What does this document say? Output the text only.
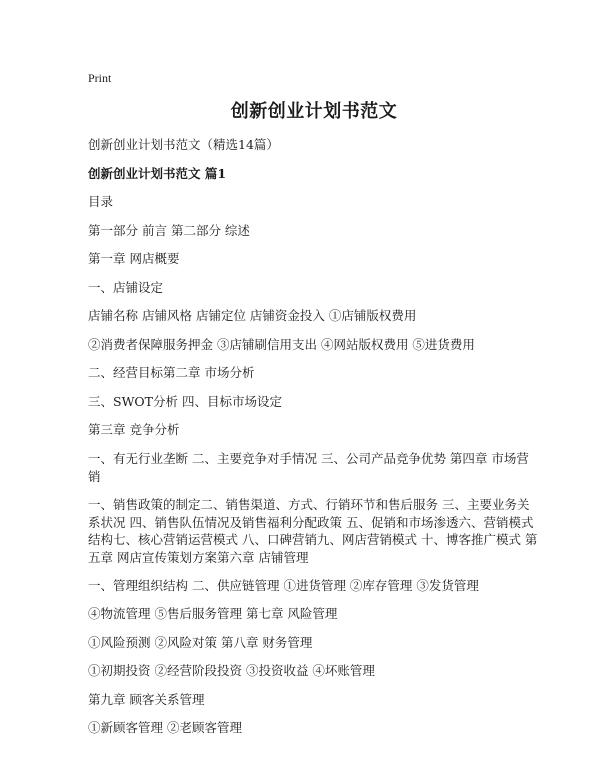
Print
创新创业计划书范文
创新创业计划书范文（精选14篇）
创新创业计划书范文 篇1
目录
第一部分 前言 第二部分 综述
第一章 网店概要
一、店铺设定
店铺名称 店铺风格 店铺定位 店铺资金投入 ①店铺版权费用
②消费者保障服务押金 ③店铺刷信用支出 ④网站版权费用 ⑤进货费用
二、经营目标第二章 市场分析
三、SWOT分析 四、目标市场设定
第三章 竞争分析
一、有无行业垄断 二、主要竞争对手情况 三、公司产品竞争优势 第四章 市场营销
一、销售政策的制定二、销售渠道、方式、行销环节和售后服务 三、主要业务关系状况 四、销售队伍情况及销售福利分配政策 五、促销和市场渗透六、营销模式结构七、核心营销运营模式 八、口碑营销九、网店营销模式 十、博客推广模式 第五章 网店宣传策划方案第六章 店铺管理
一、管理组织结构 二、供应链管理 ①进货管理 ②库存管理 ③发货管理
④物流管理 ⑤售后服务管理 第七章 风险管理
①风险预测 ②风险对策 第八章 财务管理
①初期投资 ②经营阶段投资 ③投资收益 ④坏账管理
第九章 顾客关系管理
①新顾客管理 ②老顾客管理
